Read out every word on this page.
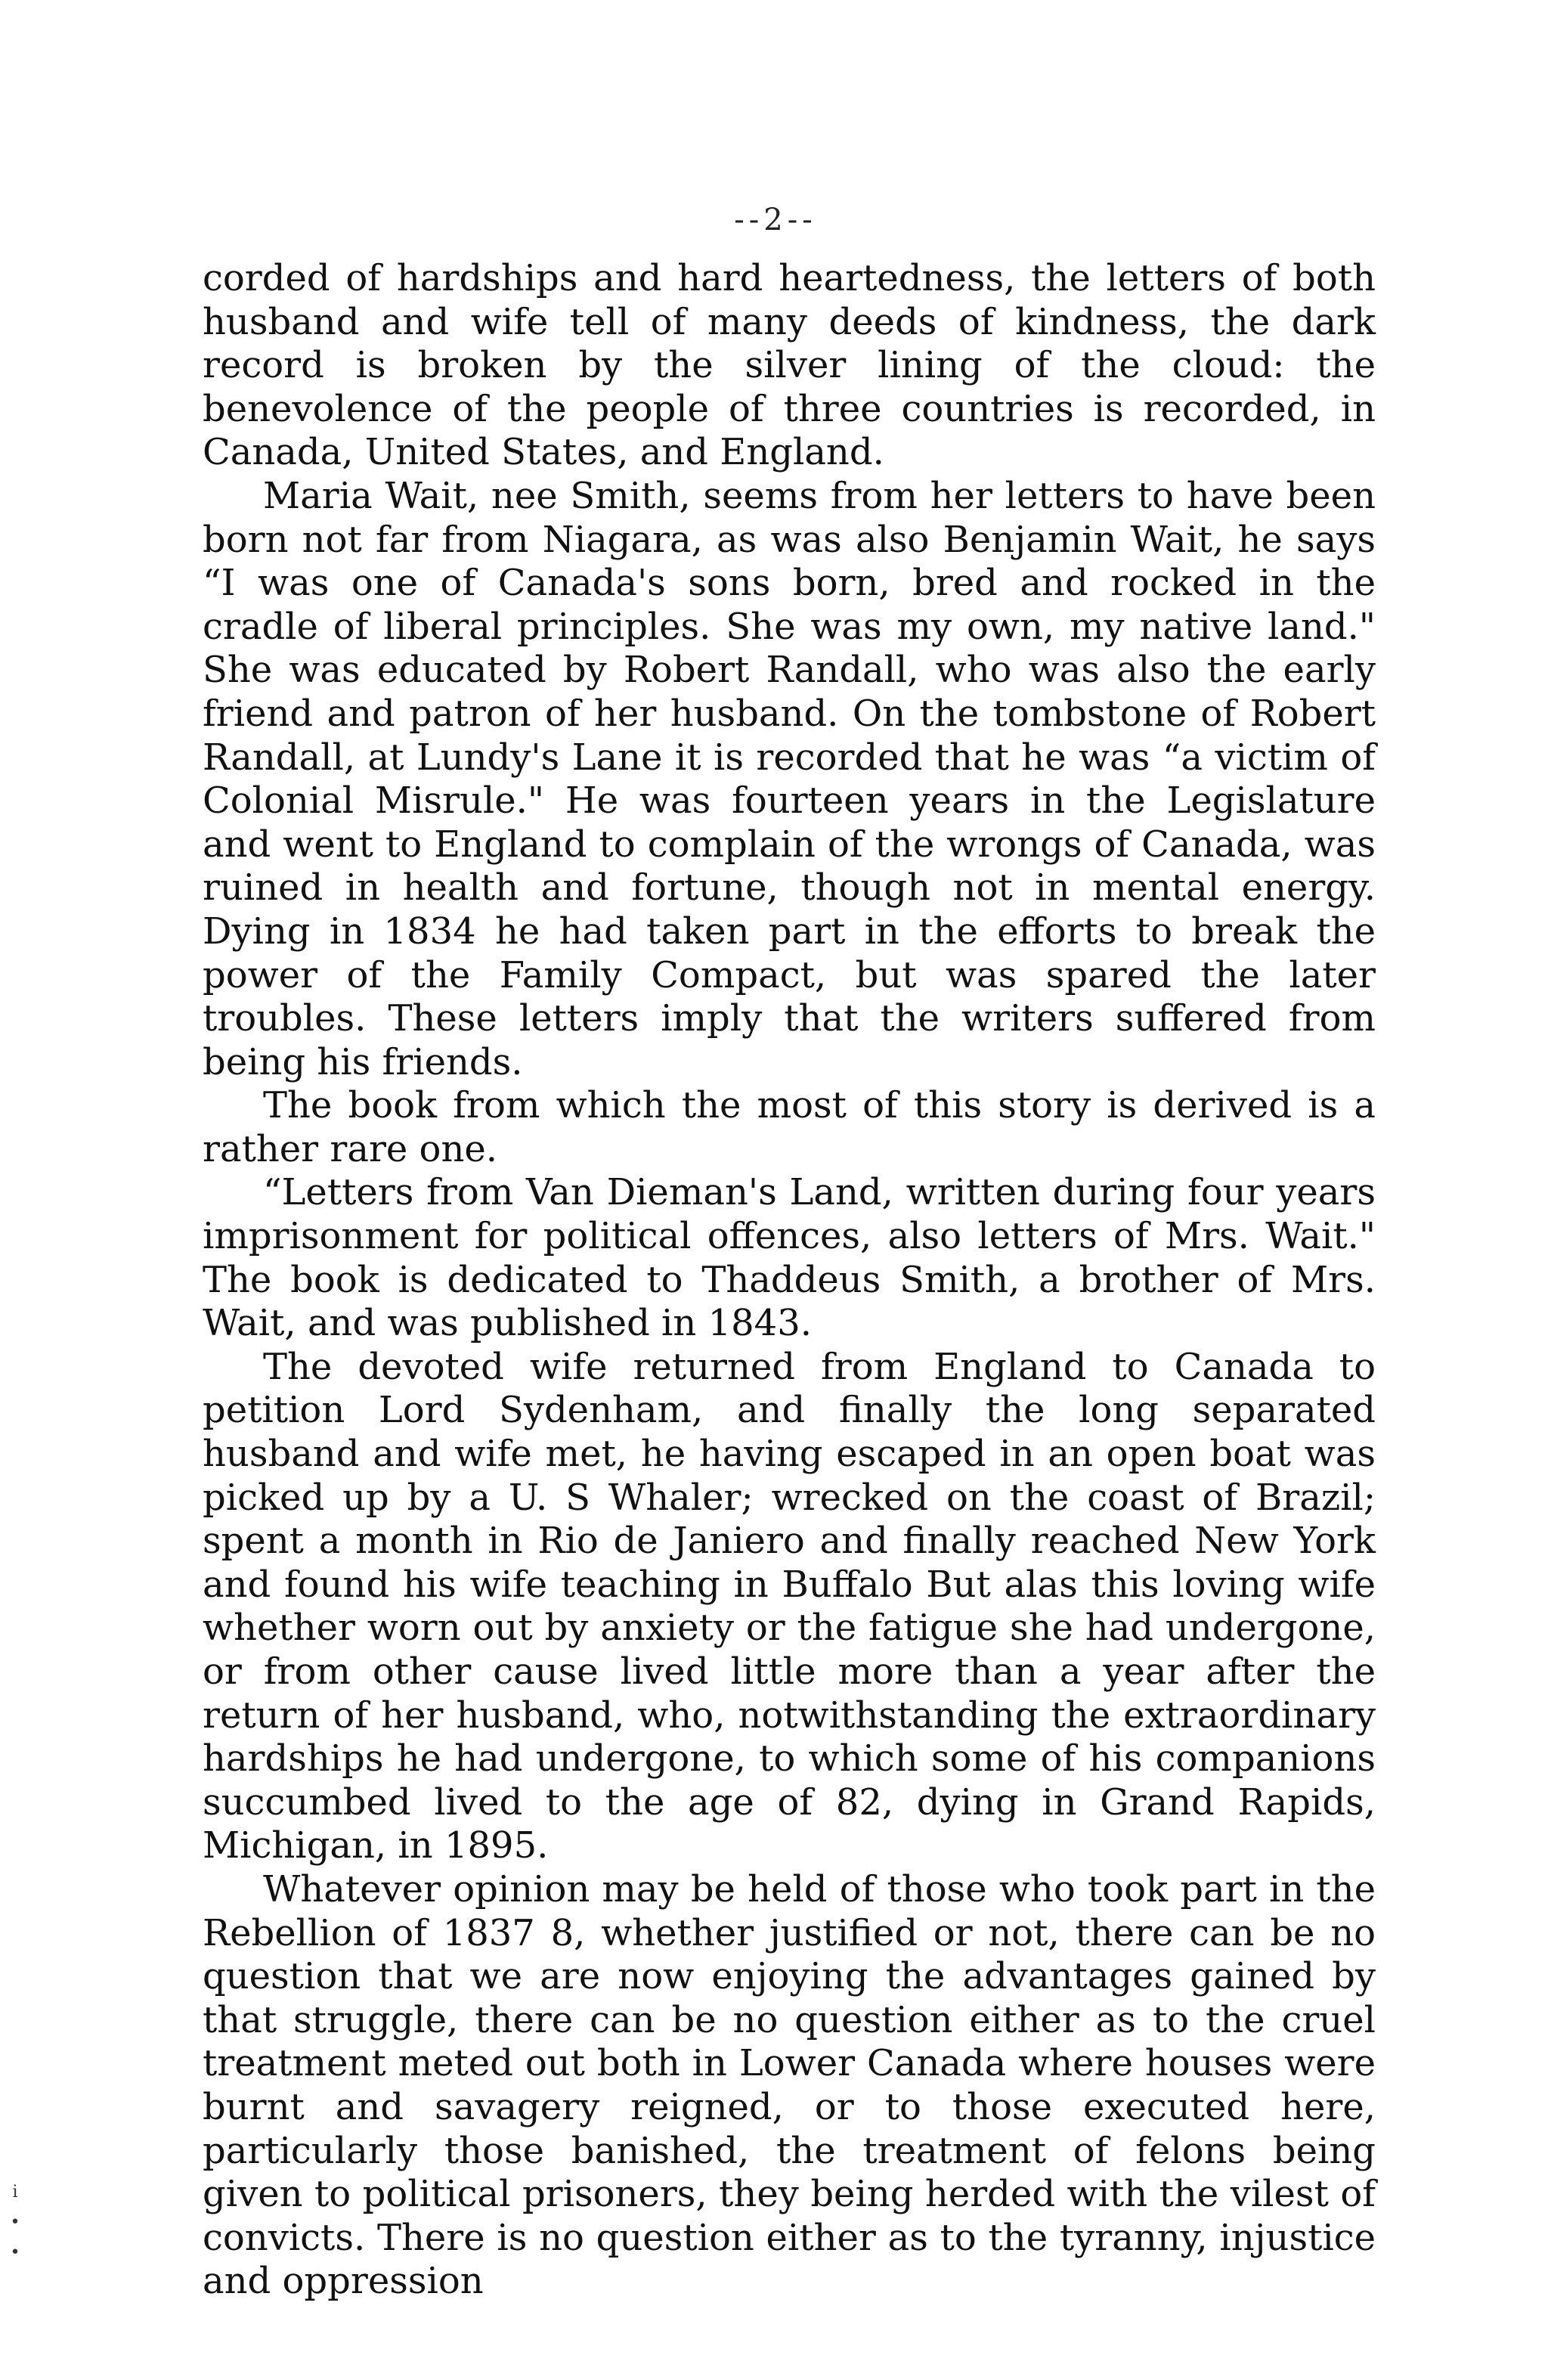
--2--

corded of hardships and hard heartedness, the letters of both husband and wife tell of many deeds of kindness, the dark record is broken by the silver lining of the cloud: the benevolence of the people of three countries is recorded, in Canada, United States, and England.

Maria Wait, nee Smith, seems from her letters to have been born not far from Niagara, as was also Benjamin Wait, he says “I was one of Canada's sons born, bred and rocked in the cradle of liberal principles. She was my own, my native land." She was educated by Robert Randall, who was also the early friend and patron of her husband. On the tombstone of Robert Randall, at Lundy's Lane it is recorded that he was “a victim of Colonial Misrule." He was fourteen years in the Legislature and went to England to complain of the wrongs of Canada, was ruined in health and fortune, though not in mental energy. Dying in 1834 he had taken part in the efforts to break the power of the Family Compact, but was spared the later troubles. These letters imply that the writers suffered from being his friends.

The book from which the most of this story is derived is a rather rare one.

“Letters from Van Dieman's Land, written during four years imprisonment for political offences, also letters of Mrs. Wait." The book is dedicated to Thaddeus Smith, a brother of Mrs. Wait, and was published in 1843.

The devoted wife returned from England to Canada to petition Lord Sydenham, and finally the long separated husband and wife met, he having escaped in an open boat was picked up by a U. S Whaler; wrecked on the coast of Brazil; spent a month in Rio de Janiero and finally reached New York and found his wife teaching in Buffalo But alas this loving wife whether worn out by anxiety or the fatigue she had undergone, or from other cause lived little more than a year after the return of her husband, who, notwithstanding the extraordinary hardships he had undergone, to which some of his companions succumbed lived to the age of 82, dying in Grand Rapids, Michigan, in 1895.

Whatever opinion may be held of those who took part in the Rebellion of 1837 8, whether justified or not, there can be no question that we are now enjoying the advantages gained by that struggle, there can be no question either as to the cruel treatment meted out both in Lower Canada where houses were burnt and savagery reigned, or to those executed here, particularly those banished, the treatment of felons being given to political prisoners, they being herded with the vilest of convicts. There is no question either as to the tyranny, injustice and oppression

i
•
•
